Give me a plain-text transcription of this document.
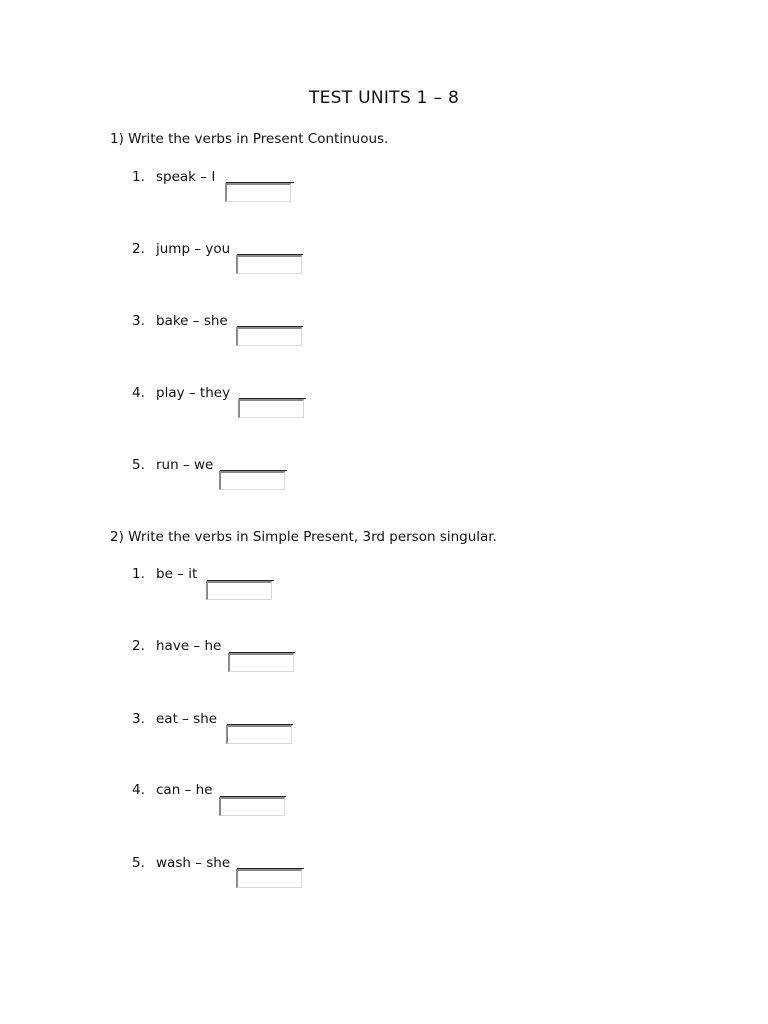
TEST UNITS 1 – 8
1) Write the verbs in Present Continuous.
1. speak – I
2. jump – you
3. bake – she
4. play – they
5. run – we
2) Write the verbs in Simple Present, 3rd person singular.
1. be – it
2. have – he
3. eat – she
4. can – he
5. wash – she
